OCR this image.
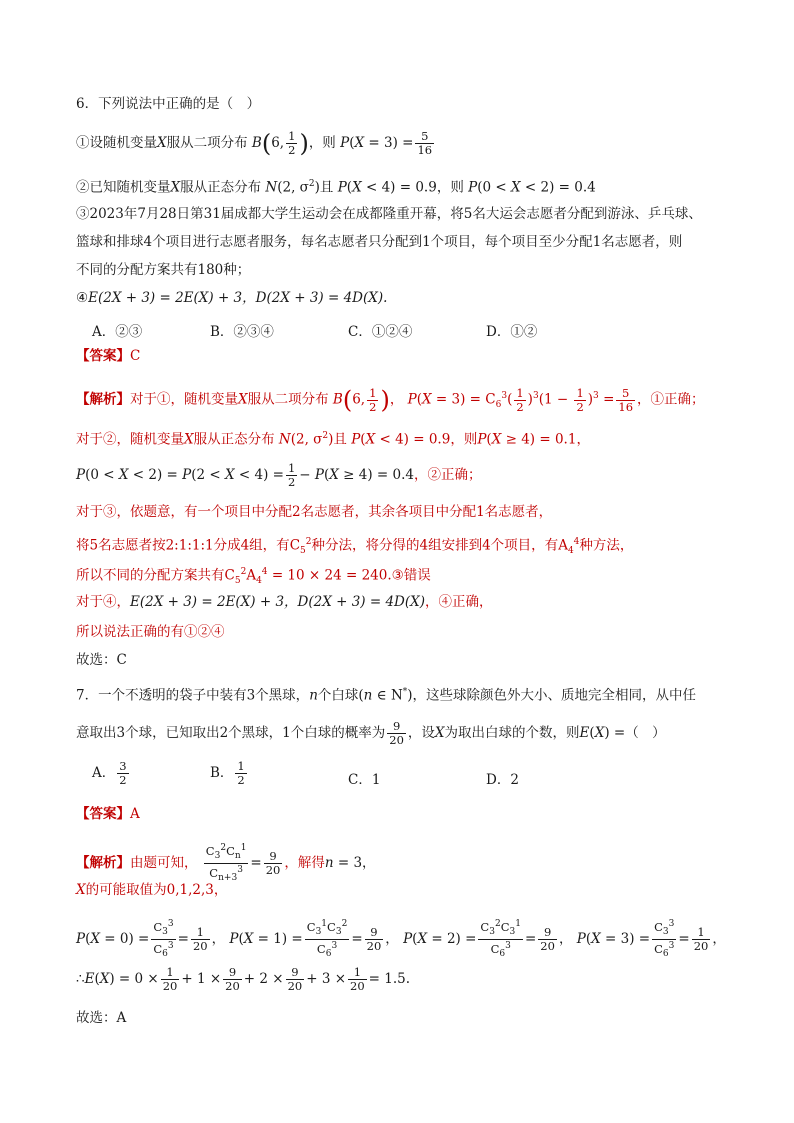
6．下列说法中正确的是（　）
①设随机变量X服从二项分布 B(6, $\frac{1}{2}$ )，则 $P(X = 3) = \frac{5}{16}$
②已知随机变量X服从正态分布 N(2, $\sigma^2$)且 P(X < 4) = 0.9，则 P(0 < X < 2) = 0.4
③2023年7月28日第31届成都大学生运动会在成都隆重开幕，将5名大运会志愿者分配到游泳、乒乓球、
篮球和排球4个项目进行志愿者服务，每名志愿者只分配到1个项目，每个项目至少分配1名志愿者，则
不同的分配方案共有180种；
④E(2X + 3) = 2E(X) + 3，D(2X + 3) = 4D(X).
A．②③	B．②③④	C．①②④	D．①②
【答案】C
【解析】对于①，随机变量X服从二项分布 B(6, $\frac{1}{2}$ )， $P(X = 3) = C_6^3( \frac{1}{2} )^3(1 - \frac{1}{2} )^3 = \frac{5}{16}$ ，①正确；
对于②，随机变量X服从正态分布 N(2, $\sigma^2$)且 P(X < 4) = 0.9，则P(X ≥ 4) = 0.1，
$P(0 < X < 2) = P(2 < X < 4) = \frac{1}{2} - P(X \ge 4) = 0.4$，②正确；
对于③，依题意，有一个项目中分配2名志愿者，其余各项目中分配1名志愿者，
将5名志愿者按2:1:1:1分成4组，有$C_5^2$种分法，将分得的4组安排到4个项目，有$A_4^4$种方法，
所以不同的分配方案共有$C_5^2A_4^4 = 10 \times 24$ = 240.③错误
对于④，E(2X + 3) = 2E(X) + 3，D(2X + 3) = 4D(X)，④正确，
所以说法正确的有①②④
故选：C
7．一个不透明的袋子中装有3个黑球，n个白球(n ∈ N*)，这些球除颜色外大小、质地完全相同，从中任
意取出3个球，已知取出2个黑球，1个白球的概率为 $\frac{9}{20}$ ，设X为取出白球的个数，则E(X) =（　）
A． $\frac{3}{2}$	B． $\frac{1}{2}$	C．1	D．2
【答案】A
【解析】由题可知， $\frac{C_3^2C_n^1}{C_{n+3}^3} = \frac{9}{20}$ ，解得n = 3，
X的可能取值为0,1,2,3，
$P(X = 0) = \frac{C_3^3}{C_6^3} = \frac{1}{20}$ ， $P(X = 1) = \frac{C_3^1C_3^2}{C_6^3} = \frac{9}{20}$ ， $P(X = 2) = \frac{C_3^2C_3^1}{C_6^3} = \frac{9}{20}$ ， $P(X = 3) = \frac{C_3^3}{C_6^3} = \frac{1}{20}$ ，
∴E(X) = $0 \times \frac{1}{20} + 1 \times \frac{9}{20} + 2 \times \frac{9}{20} + 3 \times \frac{1}{20} = 1.5$.
故选：A
